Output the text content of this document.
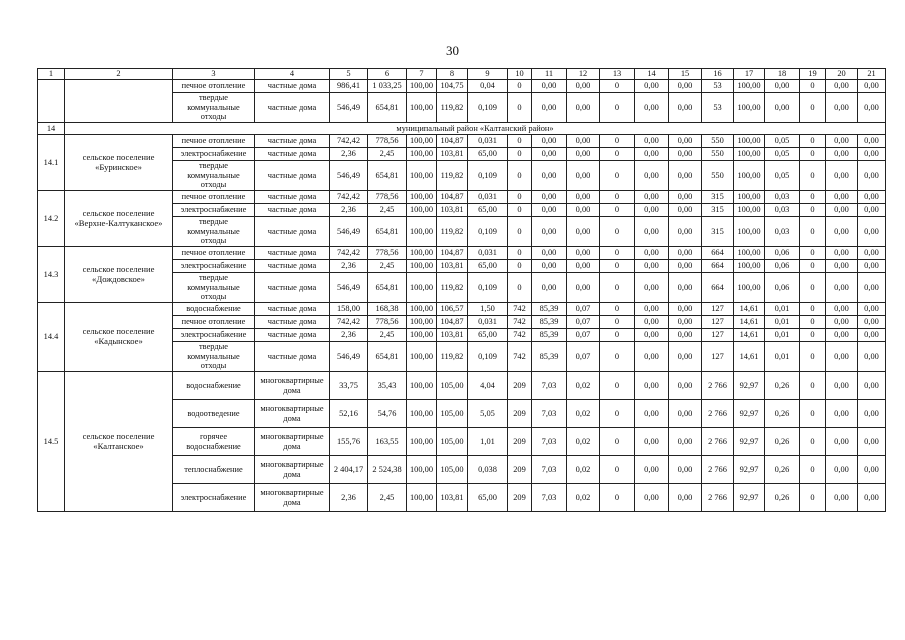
30
1	2	3	4	5	6	7	8	9	10	11	12	13	14	15	16	17	18	19	20	21
		печное отопление	частные дома	986,41	1 033,25	100,00	104,75	0,04	0	0,00	0,00	0	0,00	0,00	53	100,00	0,00	0	0,00	0,00
		твердые коммунальные отходы	частные дома	546,49	654,81	100,00	119,82	0,109	0	0,00	0,00	0	0,00	0,00	53	100,00	0,00	0	0,00	0,00
14	муниципальный район «Калтанский район»																			
14.1	сельское поселение «Буринское»	печное отопление	частные дома	742,42	778,56	100,00	104,87	0,031	0	0,00	0,00	0	0,00	0,00	550	100,00	0,05	0	0,00	0,00
		электроснабжение	частные дома	2,36	2,45	100,00	103,81	65,00	0	0,00	0,00	0	0,00	0,00	550	100,00	0,05	0	0,00	0,00
		твердые коммунальные отходы	частные дома	546,49	654,81	100,00	119,82	0,109	0	0,00	0,00	0	0,00	0,00	550	100,00	0,05	0	0,00	0,00
14.2	сельское поселение «Верхне-Калтуканское»	печное отопление	частные дома	742,42	778,56	100,00	104,87	0,031	0	0,00	0,00	0	0,00	0,00	315	100,00	0,03	0	0,00	0,00
		электроснабжение	частные дома	2,36	2,45	100,00	103,81	65,00	0	0,00	0,00	0	0,00	0,00	315	100,00	0,03	0	0,00	0,00
		твердые коммунальные отходы	частные дома	546,49	654,81	100,00	119,82	0,109	0	0,00	0,00	0	0,00	0,00	315	100,00	0,03	0	0,00	0,00
14.3	сельское поселение «Дождовское»	печное отопление	частные дома	742,42	778,56	100,00	104,87	0,031	0	0,00	0,00	0	0,00	0,00	664	100,00	0,06	0	0,00	0,00
		электроснабжение	частные дома	2,36	2,45	100,00	103,81	65,00	0	0,00	0,00	0	0,00	0,00	664	100,00	0,06	0	0,00	0,00
		твердые коммунальные отходы	частные дома	546,49	654,81	100,00	119,82	0,109	0	0,00	0,00	0	0,00	0,00	664	100,00	0,06	0	0,00	0,00
14.4	сельское поселение «Кадынское»	водоснабжение	частные дома	158,00	168,38	100,00	106,57	1,50	742	85,39	0,07	0	0,00	0,00	127	14,61	0,01	0	0,00	0,00
		печное отопление	частные дома	742,42	778,56	100,00	104,87	0,031	742	85,39	0,07	0	0,00	0,00	127	14,61	0,01	0	0,00	0,00
		электроснабжение	частные дома	2,36	2,45	100,00	103,81	65,00	742	85,39	0,07	0	0,00	0,00	127	14,61	0,01	0	0,00	0,00
		твердые коммунальные отходы	частные дома	546,49	654,81	100,00	119,82	0,109	742	85,39	0,07	0	0,00	0,00	127	14,61	0,01	0	0,00	0,00
14.5	сельское поселение «Калтанское»	водоснабжение	многоквартирные дома	33,75	35,43	100,00	105,00	4,04	209	7,03	0,02	0	0,00	0,00	2 766	92,97	0,26	0	0,00	0,00
		водоотведение	многоквартирные дома	52,16	54,76	100,00	105,00	5,05	209	7,03	0,02	0	0,00	0,00	2 766	92,97	0,26	0	0,00	0,00
		горячее водоснабжение	многоквартирные дома	155,76	163,55	100,00	105,00	1,01	209	7,03	0,02	0	0,00	0,00	2 766	92,97	0,26	0	0,00	0,00
		теплоснабжение	многоквартирные дома	2 404,17	2 524,38	100,00	105,00	0,038	209	7,03	0,02	0	0,00	0,00	2 766	92,97	0,26	0	0,00	0,00
		электроснабжение	многоквартирные дома	2,36	2,45	100,00	103,81	65,00	209	7,03	0,02	0	0,00	0,00	2 766	92,97	0,26	0	0,00	0,00
